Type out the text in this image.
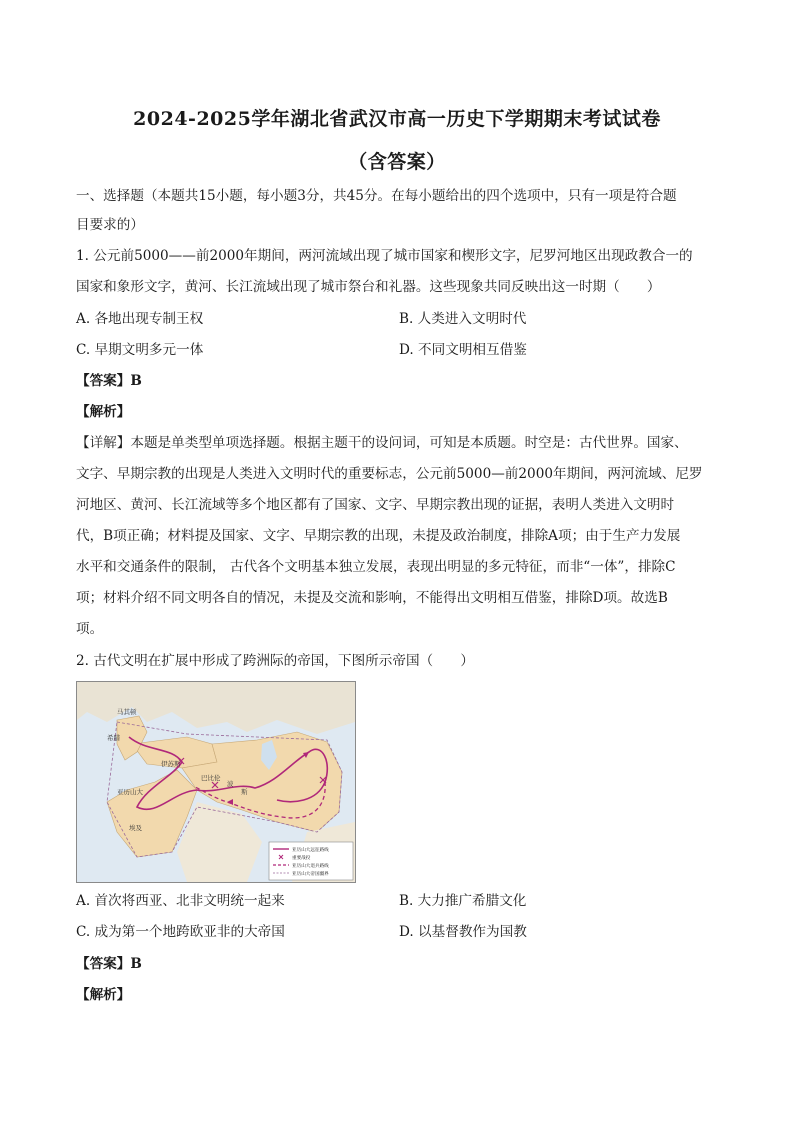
2024-2025学年湖北省武汉市高一历史下学期期末考试试卷
（含答案）
一、选择题（本题共15小题，每小题3分，共45分。在每小题给出的四个选项中，只有一项是符合题
目要求的）
1. 公元前5000——前2000年期间，两河流域出现了城市国家和楔形文字，尼罗河地区出现政教合一的
国家和象形文字，黄河、长江流域出现了城市祭台和礼器。这些现象共同反映出这一时期（　　）
A. 各地出现专制王权	B. 人类进入文明时代
C. 早期文明多元一体	D. 不同文明相互借鉴
【答案】B
【解析】
【详解】本题是单类型单项选择题。根据主题干的设问词，可知是本质题。时空是：古代世界。国家、
文字、早期宗教的出现是人类进入文明时代的重要标志，公元前5000—前2000年期间，两河流域、尼罗
河地区、黄河、长江流域等多个地区都有了国家、文字、早期宗教出现的证据，表明人类进入文明时
代，B项正确；材料提及国家、文字、早期宗教的出现，未提及政治制度，排除A项；由于生产力发展
水平和交通条件的限制， 古代各个文明基本独立发展，表现出明显的多元特征，而非“一体”，排除C
项；材料介绍不同文明各自的情况，未提及交流和影响，不能得出文明相互借鉴，排除D项。故选B
项。
2. 古代文明在扩展中形成了跨洲际的帝国，下图所示帝国（　　）
马其顿
希腊
伊苏斯
亚历山大
埃及
巴比伦
波
斯
亚历山大远征路线
重要战役
亚历山大退兵路线
亚历山大帝国疆界
A. 首次将西亚、北非文明统一起来	B. 大力推广希腊文化
C. 成为第一个地跨欧亚非的大帝国	D. 以基督教作为国教
【答案】B
【解析】
